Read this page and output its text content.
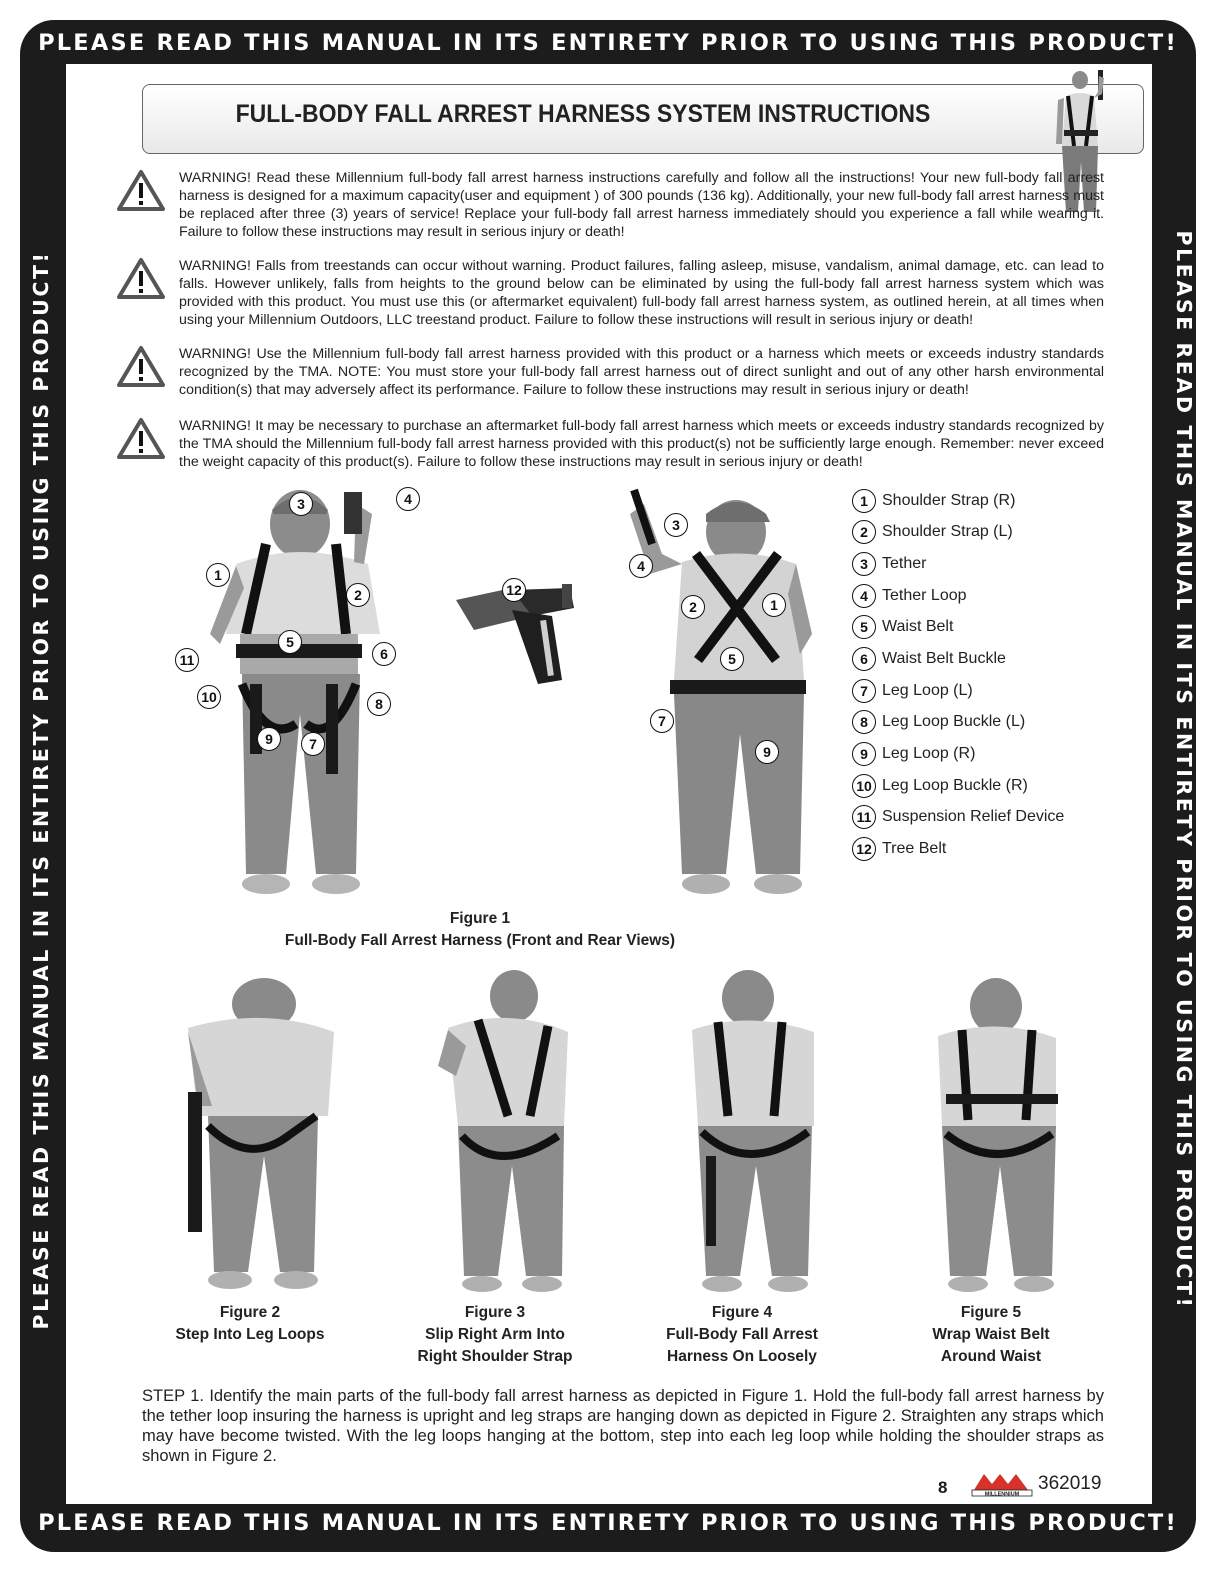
PLEASE READ THIS MANUAL IN ITS ENTIRETY PRIOR TO USING THIS PRODUCT!
PLEASE READ THIS MANUAL IN ITS ENTIRETY PRIOR TO USING THIS PRODUCT!
PLEASE READ THIS MANUAL IN ITS ENTIRETY PRIOR TO USING THIS PRODUCT!	PLEASE READ THIS MANUAL IN ITS ENTIRETY PRIOR TO USING THIS PRODUCT!
FULL-BODY FALL ARREST HARNESS SYSTEM INSTRUCTIONS
WARNING! Read these Millennium full-body fall arrest harness instructions carefully and follow all the instructions! Your new full-body fall arrest harness is designed for a maximum capacity(user and equipment ) of 300 pounds (136 kg). Additionally, your new full-body fall arrest harness must be replaced after three (3) years of service! Replace your full-body fall arrest harness immediately should you experience a fall while wearing it. Failure to follow these instructions may result in serious injury or death!
WARNING! Falls from treestands can occur without warning. Product failures, falling asleep, misuse, vandalism, animal damage, etc. can lead to falls. However unlikely, falls from heights to the ground below can be eliminated by using the full-body fall arrest harness system which was provided with this product. You must use this (or aftermarket equivalent) full-body fall arrest harness system, as outlined herein, at all times when using your Millennium Outdoors, LLC treestand product. Failure to follow these instructions will result in serious injury or death!
WARNING! Use the Millennium full-body fall arrest harness provided with this product or a harness which meets or exceeds industry standards recognized by the TMA. NOTE: You must store your full-body fall arrest harness out of direct sunlight and out of any other harsh environmental condition(s) that may adversely affect its performance. Failure to follow these instructions may result in serious injury or death!
WARNING! It may be necessary to purchase an aftermarket full-body fall arrest harness which meets or exceeds industry standards recognized by the TMA should the Millennium full-body fall arrest harness provided with this product(s) not be sufficiently large enough. Remember: never exceed the weight capacity of this product(s). Failure to follow these instructions may result in serious injury or death!
3	4
1
2
5
6
11
10	8
9	7
12
3
4
2	1
5
7
9
1 Shoulder Strap (R)
2 Shoulder Strap (L)
3 Tether
4 Tether Loop
5 Waist Belt
6 Waist Belt Buckle
7 Leg Loop (L)
8 Leg Loop Buckle (L)
9 Leg Loop (R)
10 Leg Loop Buckle (R)
11 Suspension Relief Device
12 Tree Belt
Figure 1
Full-Body Fall Arrest Harness (Front and Rear Views)
Figure 2
Step Into Leg Loops
Figure 3
Slip Right Arm Into
Right Shoulder Strap
Figure 4
Full-Body Fall Arrest
Harness On Loosely
Figure 5
Wrap Waist Belt
Around Waist
STEP 1. Identify the main parts of the full-body fall arrest harness as depicted in Figure 1. Hold the full-body fall arrest harness by the tether loop insuring the harness is upright and leg straps are hanging down as depicted in Figure 2. Straighten any straps which may have become twisted. With the leg loops hanging at the bottom, step into each leg loop while holding the shoulder straps as shown in Figure 2.
8	MILLENNIUM
362019
